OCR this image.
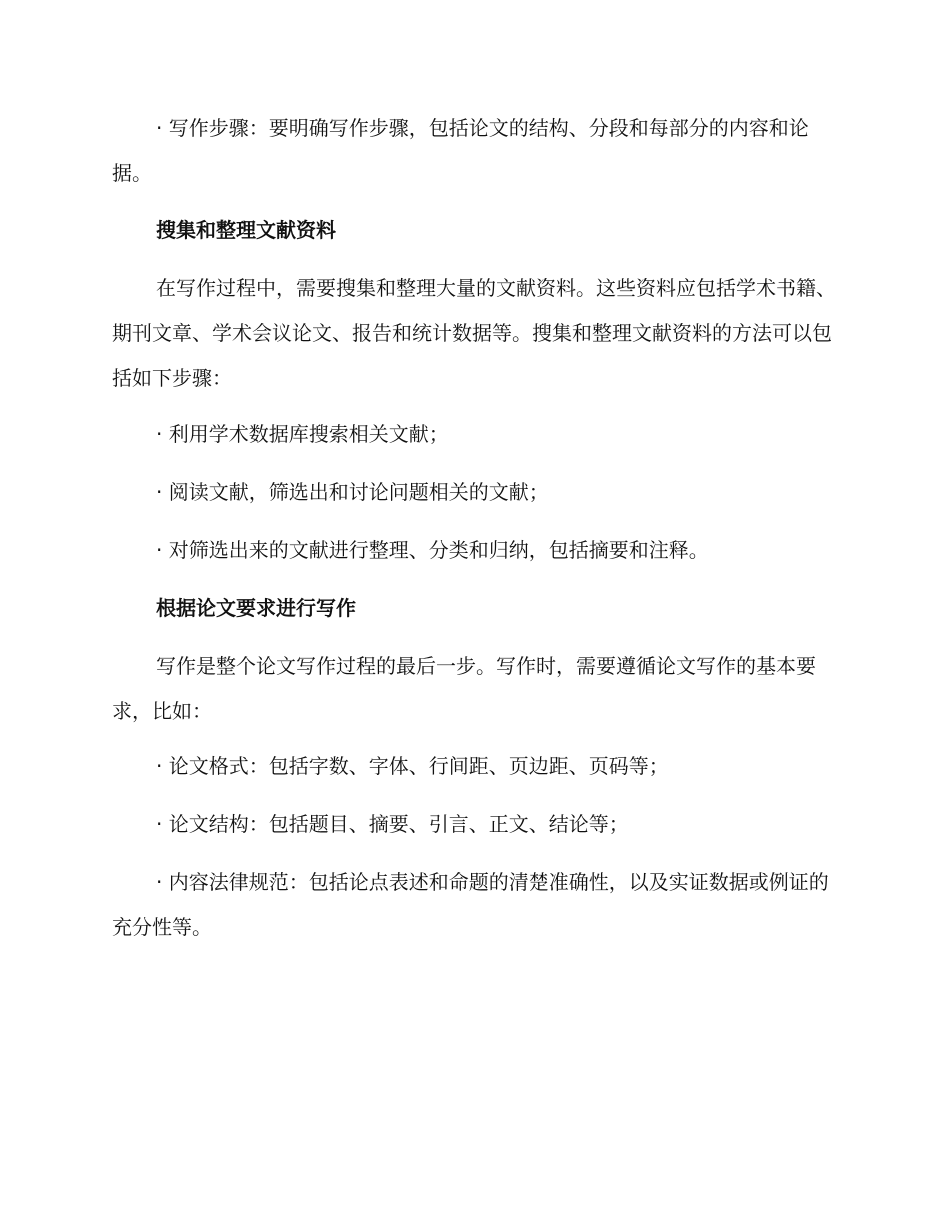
· 写作步骤：要明确写作步骤，包括论文的结构、分段和每部分的内容和论据。

搜集和整理文献资料

在写作过程中，需要搜集和整理大量的文献资料。这些资料应包括学术书籍、期刊文章、学术会议论文、报告和统计数据等。搜集和整理文献资料的方法可以包括如下步骤：

· 利用学术数据库搜索相关文献；

· 阅读文献，筛选出和讨论问题相关的文献；

· 对筛选出来的文献进行整理、分类和归纳，包括摘要和注释。

根据论文要求进行写作

写作是整个论文写作过程的最后一步。写作时，需要遵循论文写作的基本要求，比如：

· 论文格式：包括字数、字体、行间距、页边距、页码等；

· 论文结构：包括题目、摘要、引言、正文、结论等；

· 内容法律规范：包括论点表述和命题的清楚准确性，以及实证数据或例证的充分性等。
